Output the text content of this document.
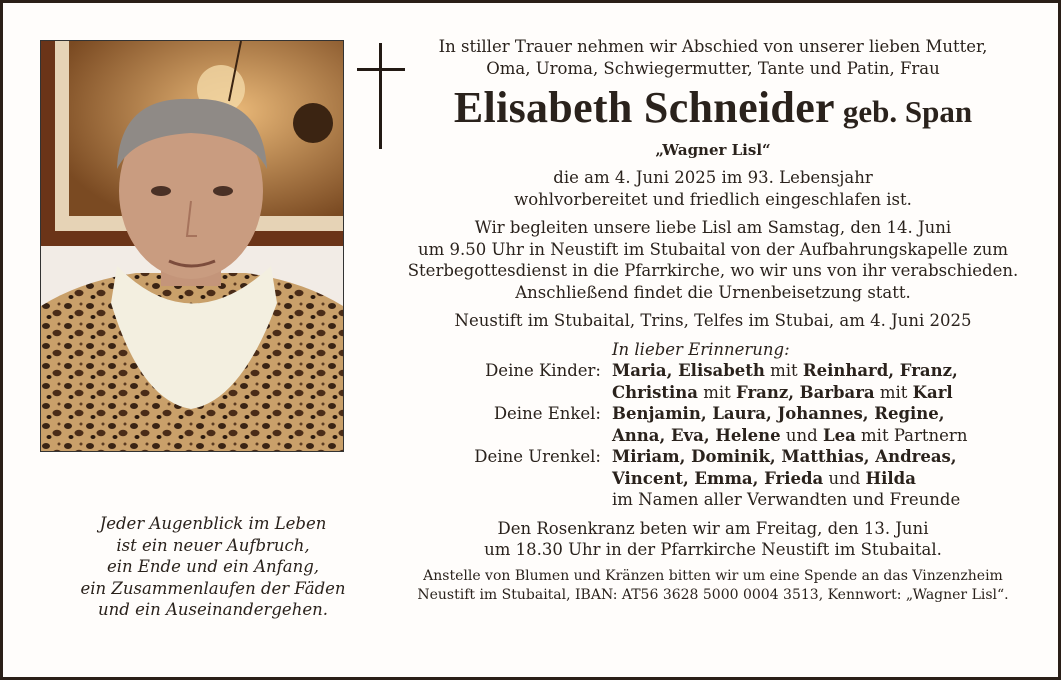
Jeder Augenblick im Leben
ist ein neuer Aufbruch,
ein Ende und ein Anfang,
ein Zusammenlaufen der Fäden
und ein Auseinandergehen.
In stiller Trauer nehmen wir Abschied von unserer lieben Mutter,
Oma, Uroma, Schwiegermutter, Tante und Patin, Frau
Elisabeth Schneider geb. Span
„Wagner Lisl“
die am 4. Juni 2025 im 93. Lebensjahr
wohlvorbereitet und friedlich eingeschlafen ist.
Wir begleiten unsere liebe Lisl am Samstag, den 14. Juni
um 9.50 Uhr in Neustift im Stubaital von der Aufbahrungskapelle zum
Sterbegottesdienst in die Pfarrkirche, wo wir uns von ihr verabschieden.
Anschließend findet die Urnenbeisetzung statt.
Neustift im Stubaital, Trins, Telfes im Stubai, am 4. Juni 2025
In lieber Erinnerung:
Deine Kinder: Maria, Elisabeth mit Reinhard, Franz,
Christina mit Franz, Barbara mit Karl
Deine Enkel: Benjamin, Laura, Johannes, Regine,
Anna, Eva, Helene und Lea mit Partnern
Deine Urenkel: Miriam, Dominik, Matthias, Andreas,
Vincent, Emma, Frieda und Hilda
im Namen aller Verwandten und Freunde
Den Rosenkranz beten wir am Freitag, den 13. Juni
um 18.30 Uhr in der Pfarrkirche Neustift im Stubaital.
Anstelle von Blumen und Kränzen bitten wir um eine Spende an das Vinzenzheim
Neustift im Stubaital, IBAN: AT56 3628 5000 0004 3513, Kennwort: „Wagner Lisl“.
